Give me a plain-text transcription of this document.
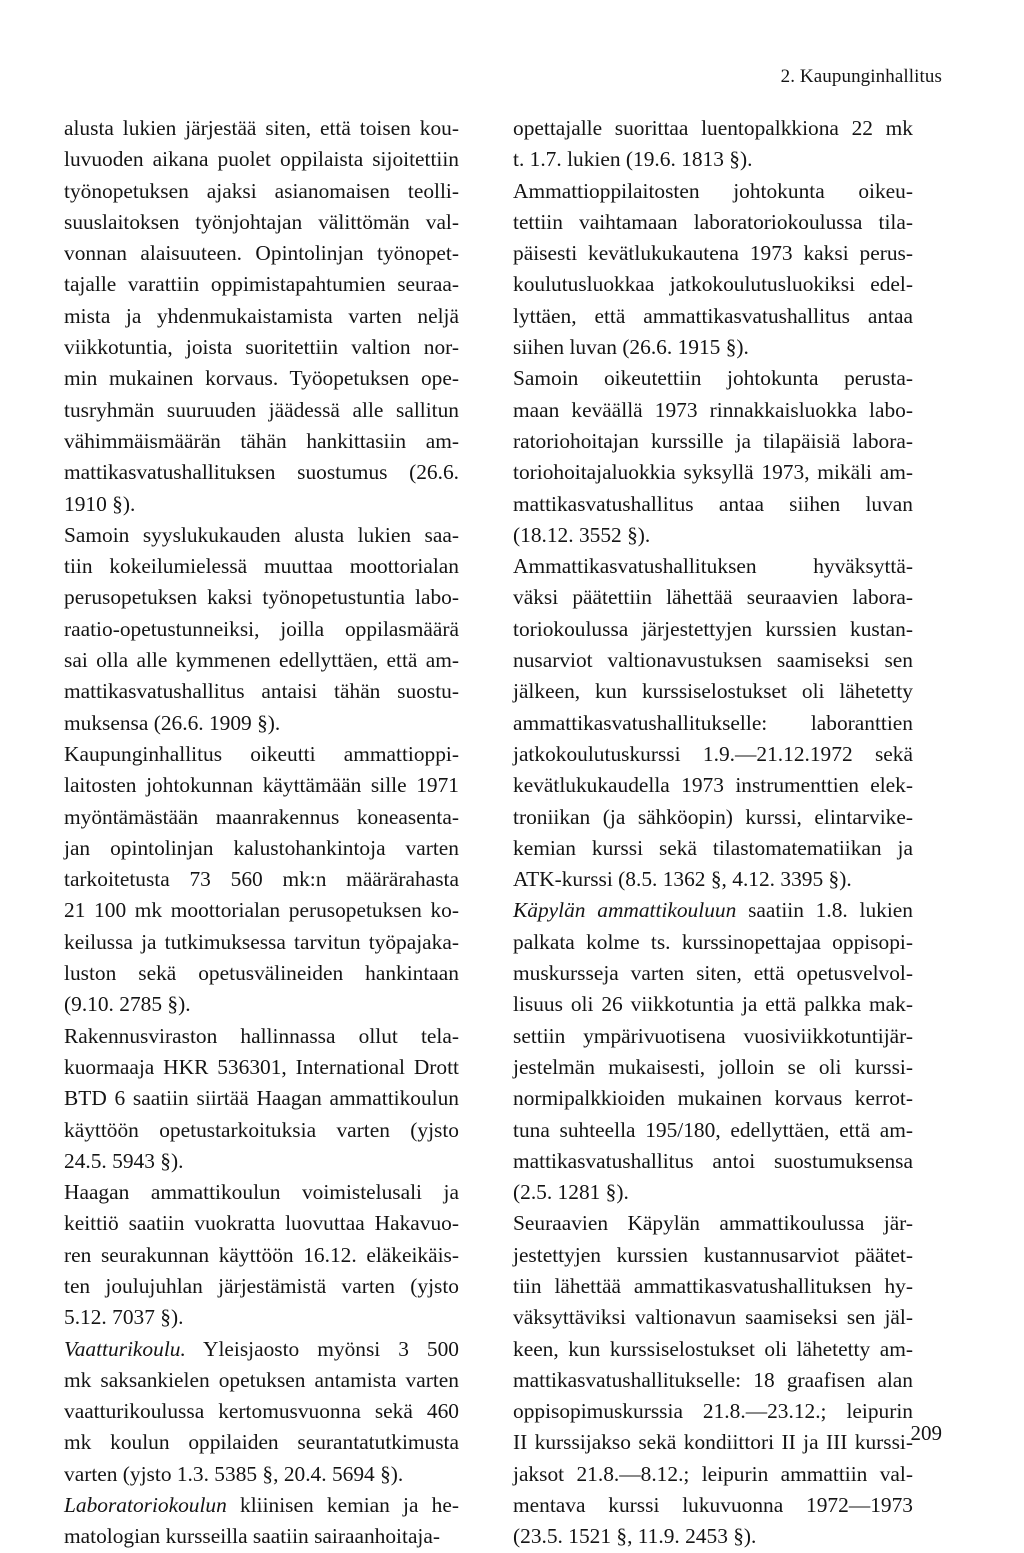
2. Kaupunginhallitus
alusta lukien järjestää siten, että toisen kou-
luvuoden aikana puolet oppilaista sijoitettiin
työnopetuksen ajaksi asianomaisen teolli-
suuslaitoksen työnjohtajan välittömän val-
vonnan alaisuuteen. Opintolinjan työnopet-
tajalle varattiin oppimistapahtumien seuraa-
mista ja yhdenmukaistamista varten neljä
viikkotuntia, joista suoritettiin valtion nor-
min mukainen korvaus. Työopetuksen ope-
tusryhmän suuruuden jäädessä alle sallitun
vähimmäismäärän tähän hankittasiin am-
mattikasvatushallituksen suostumus (26.6.
1910 §).
Samoin syyslukukauden alusta lukien saa-
tiin kokeilumielessä muuttaa moottorialan
perusopetuksen kaksi työnopetustuntia labo-
raatio-opetustunneiksi, joilla oppilasmäärä
sai olla alle kymmenen edellyttäen, että am-
mattikasvatushallitus antaisi tähän suostu-
muksensa (26.6. 1909 §).
Kaupunginhallitus oikeutti ammattioppi-
laitosten johtokunnan käyttämään sille 1971
myöntämästään maanrakennus koneasenta-
jan opintolinjan kalustohankintoja varten
tarkoitetusta 73 560 mk:n määrärahasta
21 100 mk moottorialan perusopetuksen ko-
keilussa ja tutkimuksessa tarvitun työpajaka-
luston sekä opetusvälineiden hankintaan
(9.10. 2785 §).
Rakennusviraston hallinnassa ollut tela-
kuormaaja HKR 536301, International Drott
BTD 6 saatiin siirtää Haagan ammattikoulun
käyttöön opetustarkoituksia varten (yjsto
24.5. 5943 §).
Haagan ammattikoulun voimistelusali ja
keittiö saatiin vuokratta luovuttaa Hakavuo-
ren seurakunnan käyttöön 16.12. eläkeikäis-
ten joulujuhlan järjestämistä varten (yjsto
5.12. 7037 §).
Vaatturikoulu. Yleisjaosto myönsi 3 500
mk saksankielen opetuksen antamista varten
vaatturikoulussa kertomusvuonna sekä 460
mk koulun oppilaiden seurantatutkimusta
varten (yjsto 1.3. 5385 §, 20.4. 5694 §).
Laboratoriokoulun kliinisen kemian ja he-
matologian kursseilla saatiin sairaanhoitaja-
opettajalle suorittaa luentopalkkiona 22 mk
t. 1.7. lukien (19.6. 1813 §).
Ammattioppilaitosten johtokunta oikeu-
tettiin vaihtamaan laboratoriokoulussa tila-
päisesti kevätlukukautena 1973 kaksi perus-
koulutusluokkaa jatkokoulutusluokiksi edel-
lyttäen, että ammattikasvatushallitus antaa
siihen luvan (26.6. 1915 §).
Samoin oikeutettiin johtokunta perusta-
maan keväällä 1973 rinnakkaisluokka labo-
ratoriohoitajan kurssille ja tilapäisiä labora-
toriohoitajaluokkia syksyllä 1973, mikäli am-
mattikasvatushallitus antaa siihen luvan
(18.12. 3552 §).
Ammattikasvatushallituksen hyväksyttä-
väksi päätettiin lähettää seuraavien labora-
toriokoulussa järjestettyjen kurssien kustan-
nusarviot valtionavustuksen saamiseksi sen
jälkeen, kun kurssiselostukset oli lähetetty
ammattikasvatushallitukselle: laboranttien
jatkokoulutuskurssi 1.9.—21.12.1972 sekä
kevätlukukaudella 1973 instrumenttien elek-
troniikan (ja sähköopin) kurssi, elintarvike-
kemian kurssi sekä tilastomatematiikan ja
ATK-kurssi (8.5. 1362 §, 4.12. 3395 §).
Käpylän ammattikouluun saatiin 1.8. lukien
palkata kolme ts. kurssinopettajaa oppisopi-
muskursseja varten siten, että opetusvelvol-
lisuus oli 26 viikkotuntia ja että palkka mak-
settiin ympärivuotisena vuosiviikkotuntijär-
jestelmän mukaisesti, jolloin se oli kurssi-
normipalkkioiden mukainen korvaus kerrot-
tuna suhteella 195/180, edellyttäen, että am-
mattikasvatushallitus antoi suostumuksensa
(2.5. 1281 §).
Seuraavien Käpylän ammattikoulussa jär-
jestettyjen kurssien kustannusarviot päätet-
tiin lähettää ammattikasvatushallituksen hy-
väksyttäviksi valtionavun saamiseksi sen jäl-
keen, kun kurssiselostukset oli lähetetty am-
mattikasvatushallitukselle: 18 graafisen alan
oppisopimuskurssia 21.8.—23.12.; leipurin
II kurssijakso sekä kondiittori II ja III kurssi-
jaksot 21.8.—8.12.; leipurin ammattiin val-
mentava kurssi lukuvuonna 1972—1973
(23.5. 1521 §, 11.9. 2453 §).
209
